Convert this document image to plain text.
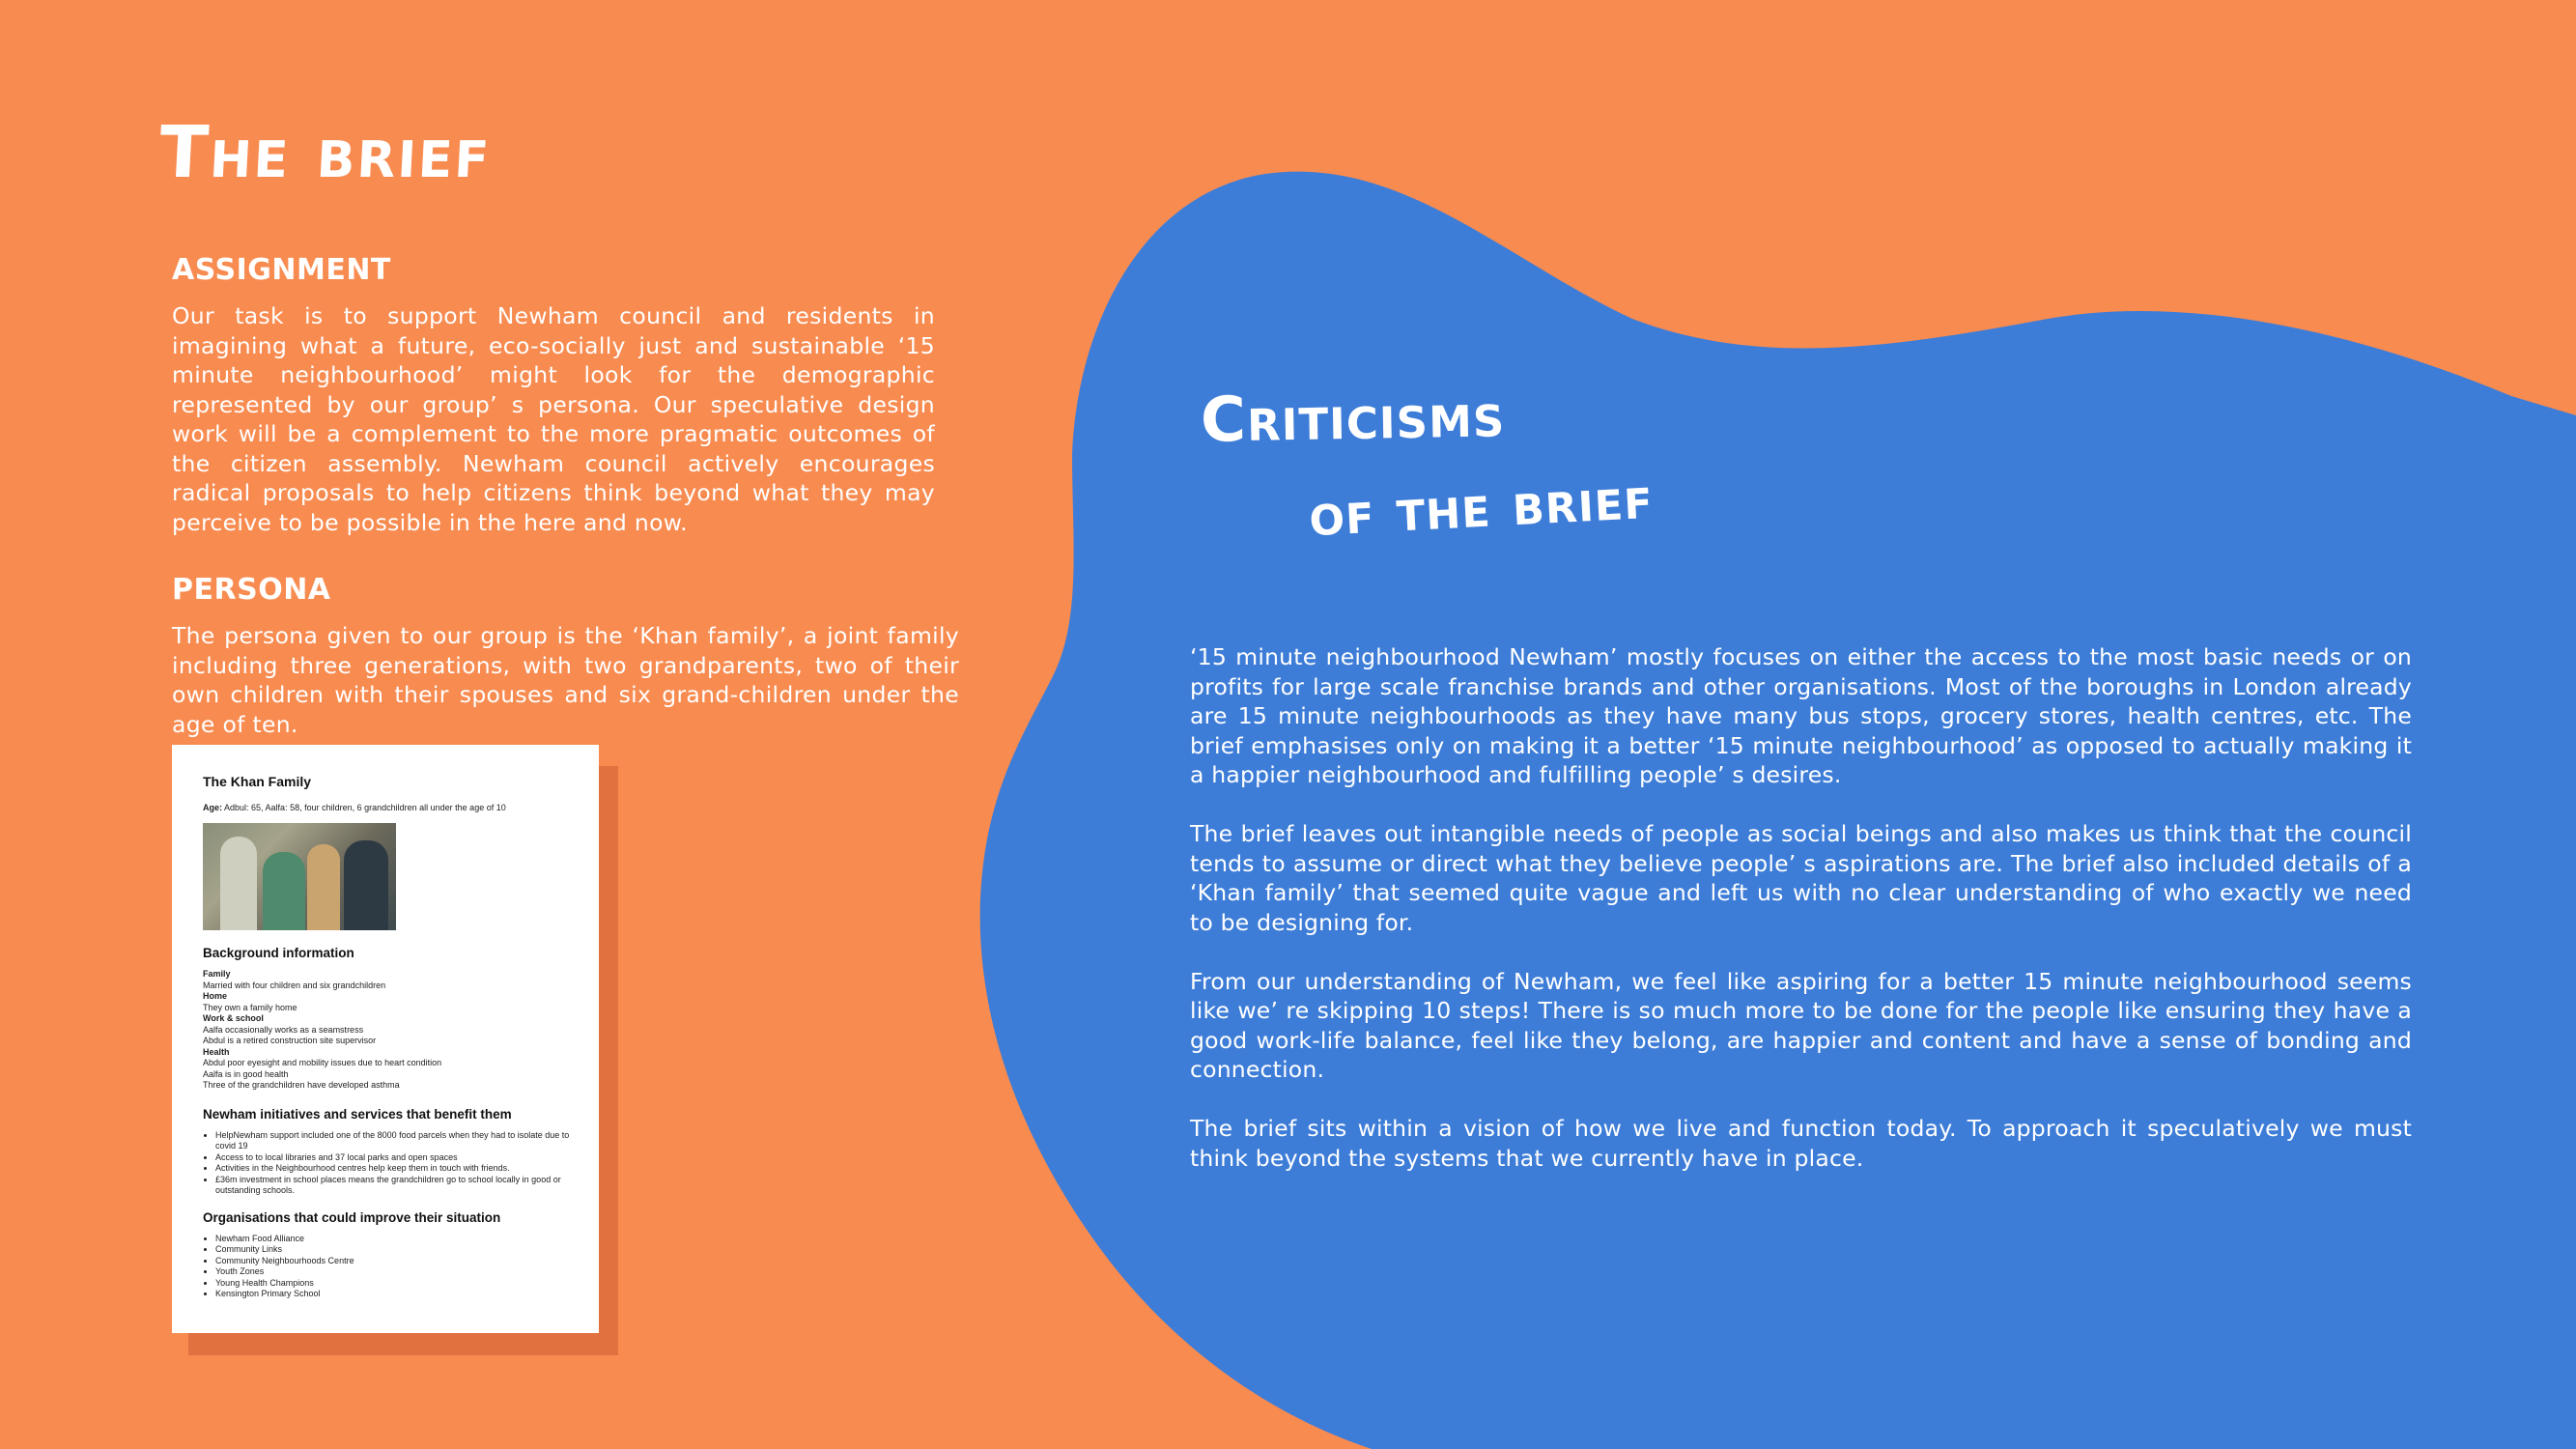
The brief
ASSIGNMENT

Our task is to support Newham council and residents in imagining what a future, eco-socially just and sustainable ‘15 minute neighbourhood’ might look for the demographic represented by our group’ s persona. Our speculative design work will be a complement to the more pragmatic outcomes of the citizen assembly. Newham council actively encourages radical proposals to help citizens think beyond what they may perceive to be possible in the here and now.

PERSONA

The persona given to our group is the ‘Khan family’, a joint family including three generations, with two grandparents, two of their own children with their spouses and six grand-children under the age of ten.

Criticisms
of the brief

‘15 minute neighbourhood Newham’ mostly focuses on either the access to the most basic needs or on profits for large scale franchise brands and other organisations. Most of the boroughs in London already are 15 minute neighbourhoods as they have many bus stops, grocery stores, health centres, etc. The brief emphasises only on making it a better ‘15 minute neighbourhood’ as opposed to actually making it a happier neighbourhood and fulfilling people’ s desires.

The brief leaves out intangible needs of people as social beings and also makes us think that the council tends to assume or direct what they believe people’ s aspirations are. The brief also included details of a ‘Khan family’ that seemed quite vague and left us with no clear understanding of who exactly we need to be designing for.

From our understanding of Newham, we feel like aspiring for a better 15 minute neighbourhood seems like we’ re skipping 10 steps! There is so much more to be done for the people like ensuring they have a good work-life balance, feel like they belong, are happier and content and have a sense of bonding and connection.

The brief sits within a vision of how we live and function today. To approach it speculatively we must think beyond the systems that we currently have in place.

The Khan Family

Age: Adbul: 65, Aalfa: 58, four children, 6 grandchildren all under the age of 10

Background information

Family

Married with four children and six grandchildren

Home

They own a family home

Work & school

Aalfa occasionally works as a seamstress

Abdul is a retired construction site supervisor

Health

Abdul poor eyesight and mobility issues due to heart condition

Aalfa is in good health

Three of the grandchildren have developed asthma

Newham initiatives and services that benefit them

• HelpNewham support included one of the 8000 food parcels when they had to isolate due to covid 19
• Access to to local libraries and 37 local parks and open spaces
• Activities in the Neighbourhood centres help keep them in touch with friends.
• £36m investment in school places means the grandchildren go to school locally in good or outstanding schools.

Organisations that could improve their situation

• Newham Food Alliance
• Community Links
• Community Neighbourhoods Centre
• Youth Zones
• Young Health Champions
• Kensington Primary School
